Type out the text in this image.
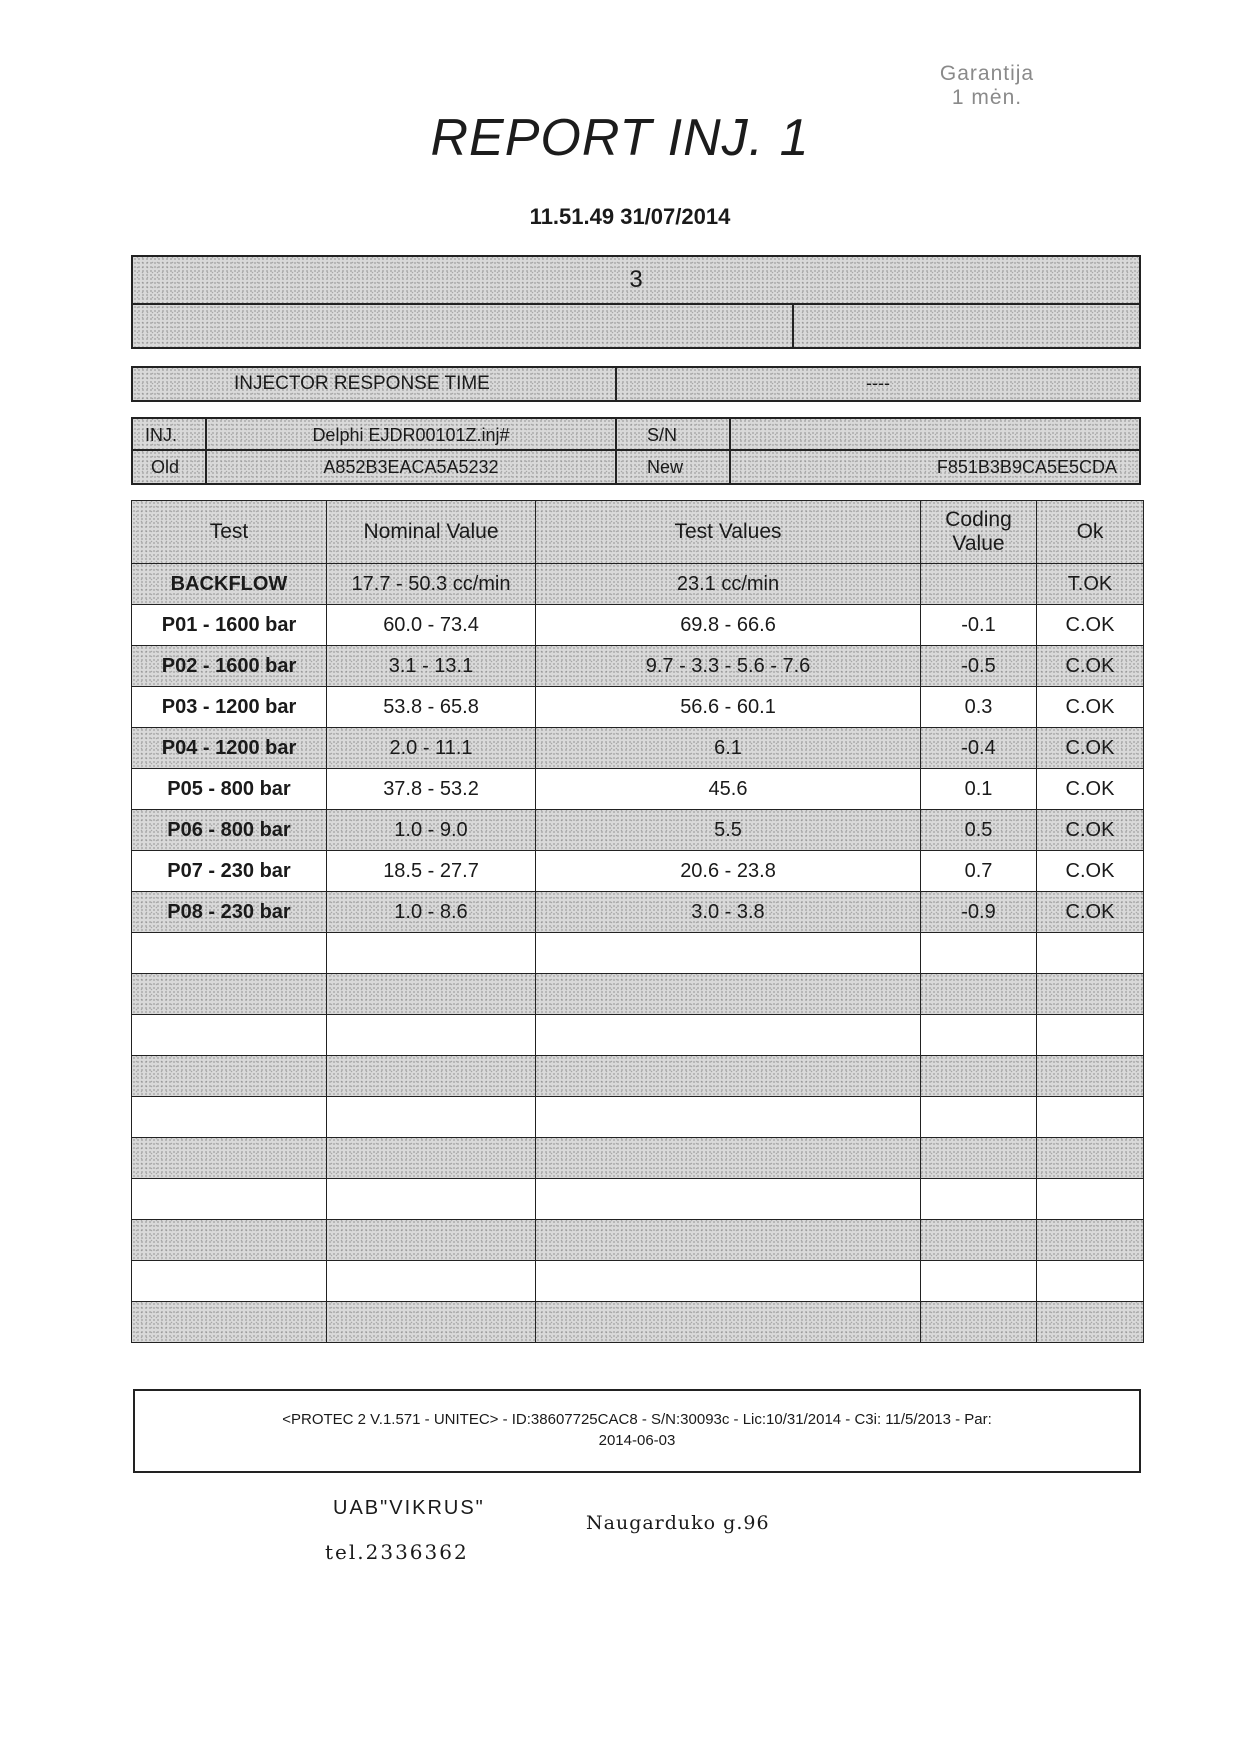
Garantija
1 mėn.
REPORT INJ. 1
11.51.49 31/07/2014
3
INJECTOR RESPONSE TIME	----
INJ.	Delphi EJDR00101Z.inj#	S/N
Old	A852B3EACA5A5232	New	F851B3B9CA5E5CDA
Test	Nominal Value	Test Values	Coding Value	Ok
BACKFLOW	17.7 - 50.3 cc/min	23.1 cc/min		T.OK
P01 - 1600 bar	60.0 - 73.4	69.8 - 66.6	-0.1	C.OK
P02 - 1600 bar	3.1 - 13.1	9.7 - 3.3 - 5.6 - 7.6	-0.5	C.OK
P03 - 1200 bar	53.8 - 65.8	56.6 - 60.1	0.3	C.OK
P04 - 1200 bar	2.0 - 11.1	6.1	-0.4	C.OK
P05 - 800 bar	37.8 - 53.2	45.6	0.1	C.OK
P06 - 800 bar	1.0 - 9.0	5.5	0.5	C.OK
P07 - 230 bar	18.5 - 27.7	20.6 - 23.8	0.7	C.OK
P08 - 230 bar	1.0 - 8.6	3.0 - 3.8	-0.9	C.OK

<PROTEC 2 V.1.571 - UNITEC> - ID:38607725CAC8 - S/N:30093c - Lic:10/31/2014 - C3i: 11/5/2013 - Par:
2014-06-03
UAB"VIKRUS"
Naugarduko g.96
tel.2336362
